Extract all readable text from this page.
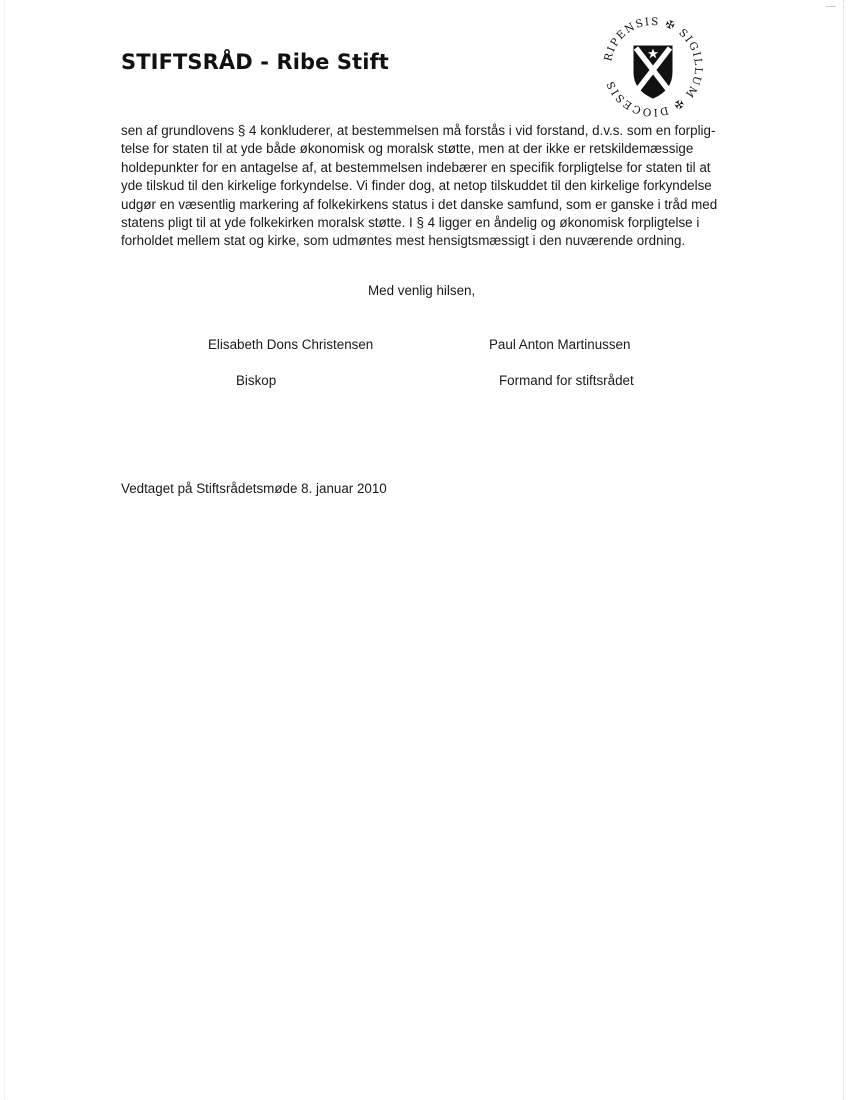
STIFTSRÅD - Ribe Stift	RIPENSIS ✠ SIGILLUM ✠ DIOCESIS
sen af grundlovens § 4 konkluderer, at bestemmelsen må forstås i vid forstand, d.v.s. som en forplig-
telse for staten til at yde både økonomisk og moralsk støtte, men at der ikke er retskildemæssige
holdepunkter for en antagelse af, at bestemmelsen indebærer en specifik forpligtelse for staten til at
yde tilskud til den kirkelige forkyndelse. Vi finder dog, at netop tilskuddet til den kirkelige forkyndelse
udgør en væsentlig markering af folkekirkens status i det danske samfund, som er ganske i tråd med
statens pligt til at yde folkekirken moralsk støtte. I § 4 ligger en åndelig og økonomisk forpligtelse i
forholdet mellem stat og kirke, som udmøntes mest hensigtsmæssigt i den nuværende ordning.
Med venlig hilsen,
Elisabeth Dons Christensen
Biskop
Paul Anton Martinussen
Formand for stiftsrådet
Vedtaget på Stiftsrådetsmøde 8. januar 2010
